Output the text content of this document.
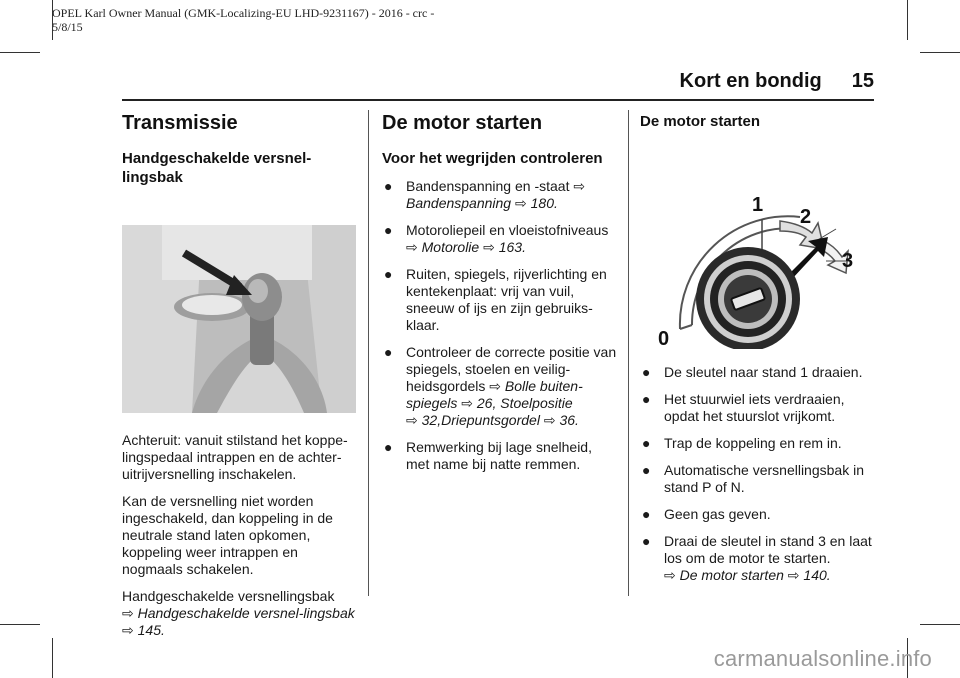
OPEL Karl Owner Manual (GMK-Localizing-EU LHD-9231167) - 2016 - crc -
5/8/15
Kort en bondig 15
Transmissie
Handgeschakelde versnel-lingsbak

Achteruit: vanuit stilstand het koppe-lingspedaal intrappen en de achter-uitrijversnelling inschakelen.

Kan de versnelling niet worden ingeschakeld, dan koppeling in de neutrale stand laten opkomen, koppeling weer intrappen en nogmaals schakelen.

Handgeschakelde versnellingsbak
⇨ Handgeschakelde versnel-lingsbak ⇨ 145.

De motor starten
Voor het wegrijden controleren
● Bandenspanning en -staat ⇨
Bandenspanning ⇨ 180.
● Motoroliepeil en vloeistofniveaus
⇨ Motorolie ⇨ 163.
● Ruiten, spiegels, rijverlichting en kentekenplaat: vrij van vuil, sneeuw of ijs en zijn gebruiks-klaar.
● Controleer de correcte positie van spiegels, stoelen en veilig-heidsgordels ⇨ Bolle buiten-spiegels ⇨ 26, Stoelpositie
⇨ 32,Driepuntsgordel ⇨ 36.
● Remwerking bij lage snelheid, met name bij natte remmen.
De motor starten
1
2
3
0
● De sleutel naar stand 1 draaien.
● Het stuurwiel iets verdraaien, opdat het stuurslot vrijkomt.
● Trap de koppeling en rem in.
● Automatische versnellingsbak in stand P of N.
● Geen gas geven.
● Draai de sleutel in stand 3 en laat los om de motor te starten.
⇨ De motor starten ⇨ 140.
carmanualsonline.info
